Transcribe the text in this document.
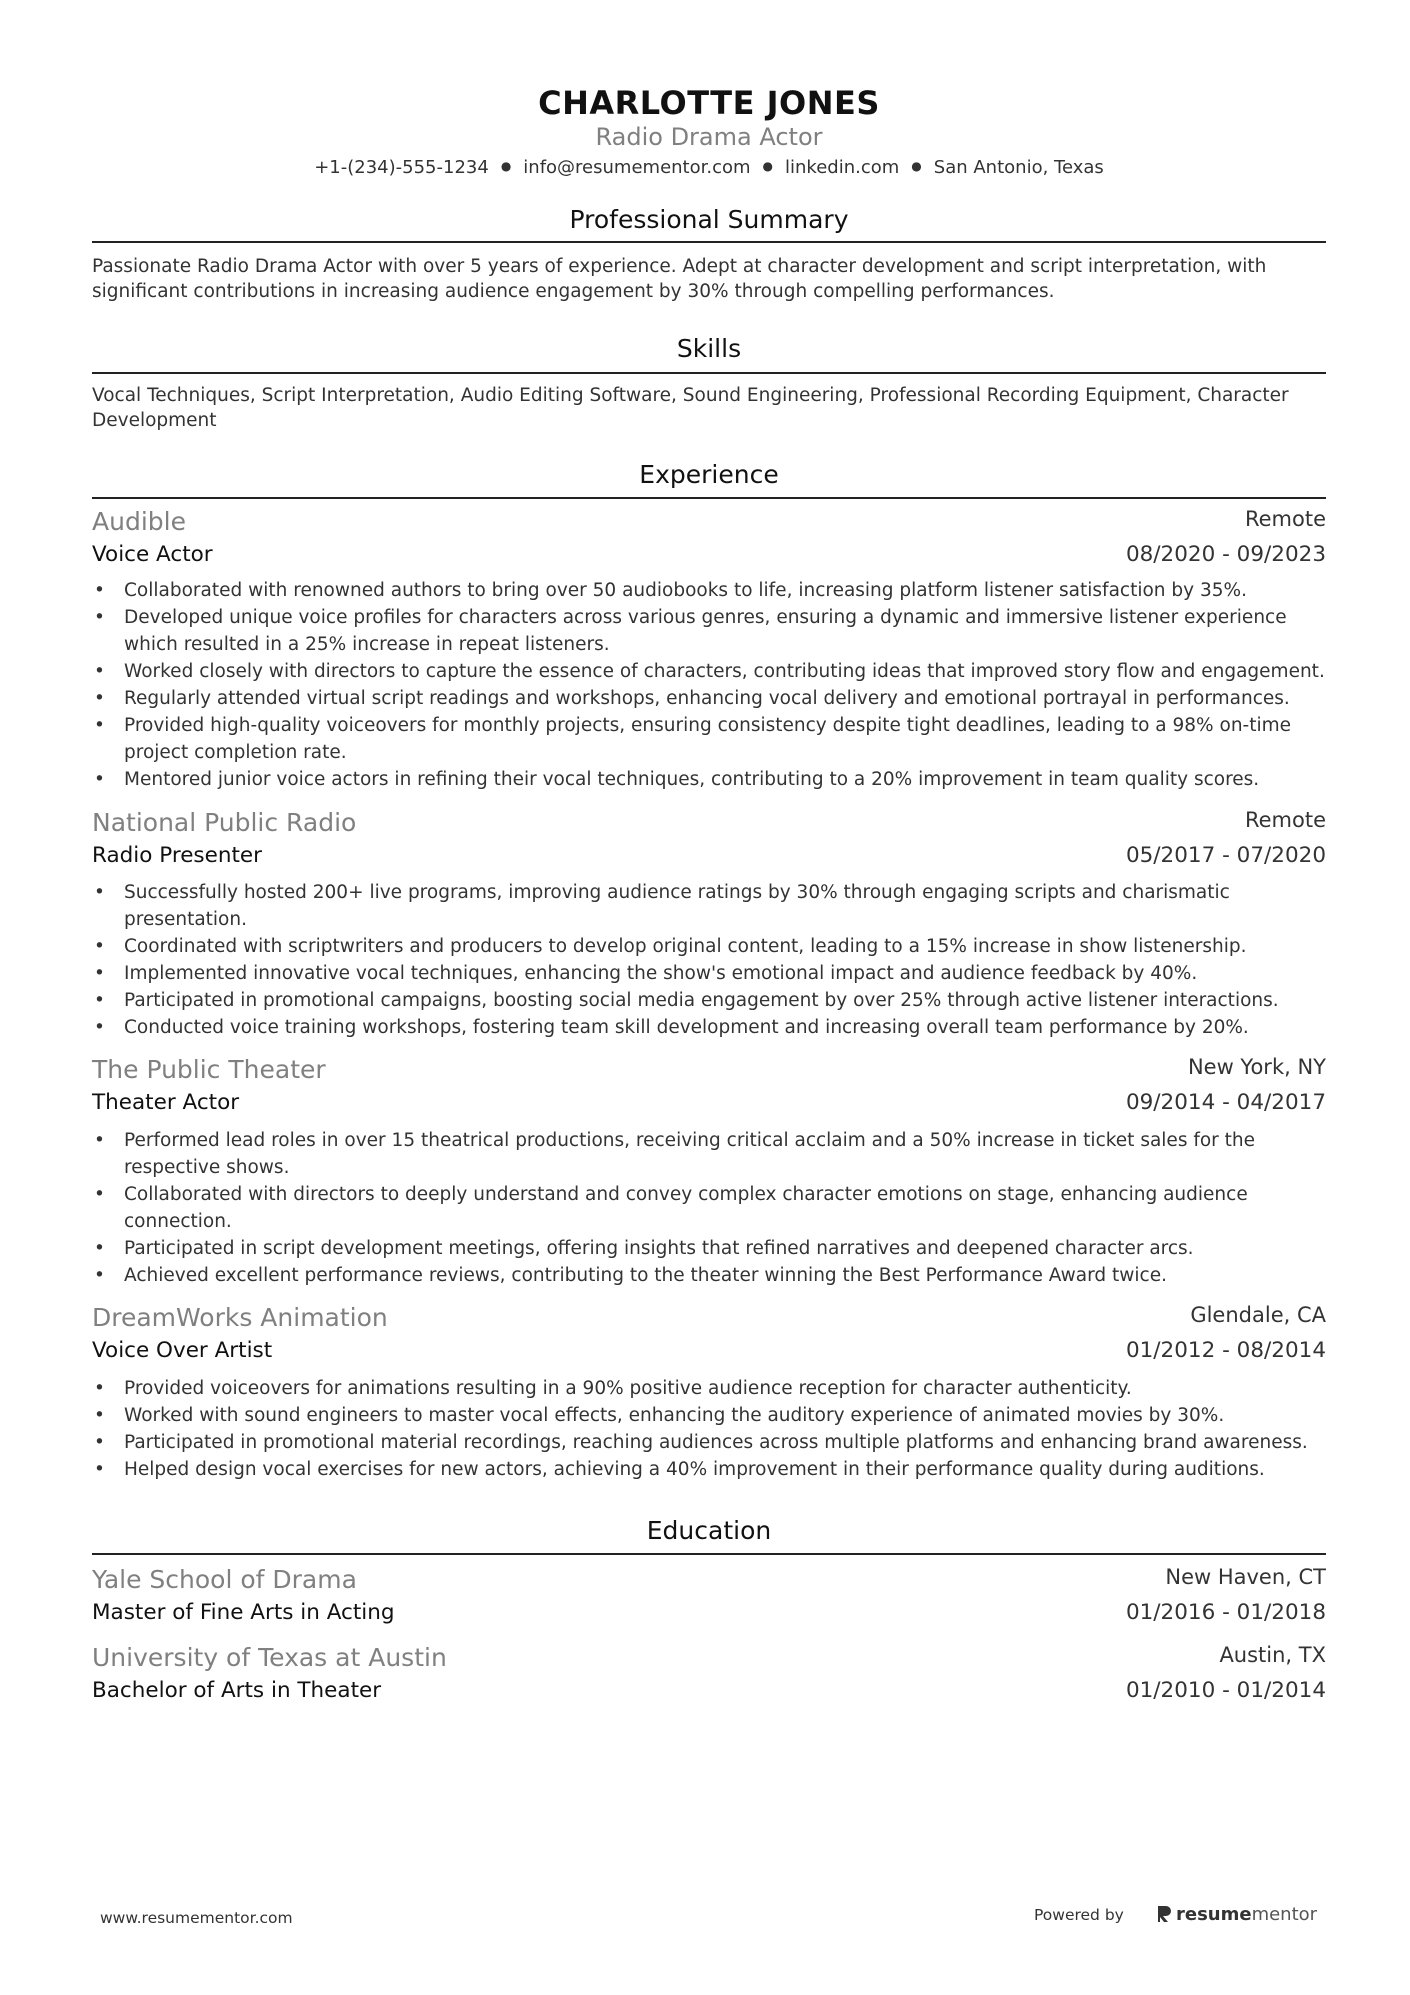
CHARLOTTE JONES
Radio Drama Actor
+1-(234)-555-1234 ● info@resumementor.com ● linkedin.com ● San Antonio, Texas
Professional Summary
Passionate Radio Drama Actor with over 5 years of experience. Adept at character development and script interpretation, with significant contributions in increasing audience engagement by 30% through compelling performances.
Skills
Vocal Techniques, Script Interpretation, Audio Editing Software, Sound Engineering, Professional Recording Equipment, Character Development
Experience
Audible	Remote
Voice Actor	08/2020 - 09/2023
• Collaborated with renowned authors to bring over 50 audiobooks to life, increasing platform listener satisfaction by 35%.
• Developed unique voice profiles for characters across various genres, ensuring a dynamic and immersive listener experience which resulted in a 25% increase in repeat listeners.
• Worked closely with directors to capture the essence of characters, contributing ideas that improved story flow and engagement.
• Regularly attended virtual script readings and workshops, enhancing vocal delivery and emotional portrayal in performances.
• Provided high-quality voiceovers for monthly projects, ensuring consistency despite tight deadlines, leading to a 98% on-time project completion rate.
• Mentored junior voice actors in refining their vocal techniques, contributing to a 20% improvement in team quality scores.
National Public Radio	Remote
Radio Presenter	05/2017 - 07/2020
• Successfully hosted 200+ live programs, improving audience ratings by 30% through engaging scripts and charismatic presentation.
• Coordinated with scriptwriters and producers to develop original content, leading to a 15% increase in show listenership.
• Implemented innovative vocal techniques, enhancing the show's emotional impact and audience feedback by 40%.
• Participated in promotional campaigns, boosting social media engagement by over 25% through active listener interactions.
• Conducted voice training workshops, fostering team skill development and increasing overall team performance by 20%.
The Public Theater	New York, NY
Theater Actor	09/2014 - 04/2017
• Performed lead roles in over 15 theatrical productions, receiving critical acclaim and a 50% increase in ticket sales for the respective shows.
• Collaborated with directors to deeply understand and convey complex character emotions on stage, enhancing audience connection.
• Participated in script development meetings, offering insights that refined narratives and deepened character arcs.
• Achieved excellent performance reviews, contributing to the theater winning the Best Performance Award twice.
DreamWorks Animation	Glendale, CA
Voice Over Artist	01/2012 - 08/2014
• Provided voiceovers for animations resulting in a 90% positive audience reception for character authenticity.
• Worked with sound engineers to master vocal effects, enhancing the auditory experience of animated movies by 30%.
• Participated in promotional material recordings, reaching audiences across multiple platforms and enhancing brand awareness.
• Helped design vocal exercises for new actors, achieving a 40% improvement in their performance quality during auditions.
Education
Yale School of Drama	New Haven, CT
Master of Fine Arts in Acting	01/2016 - 01/2018
University of Texas at Austin	Austin, TX
Bachelor of Arts in Theater	01/2010 - 01/2014
www.resumementor.com	Powered by	resumementor
